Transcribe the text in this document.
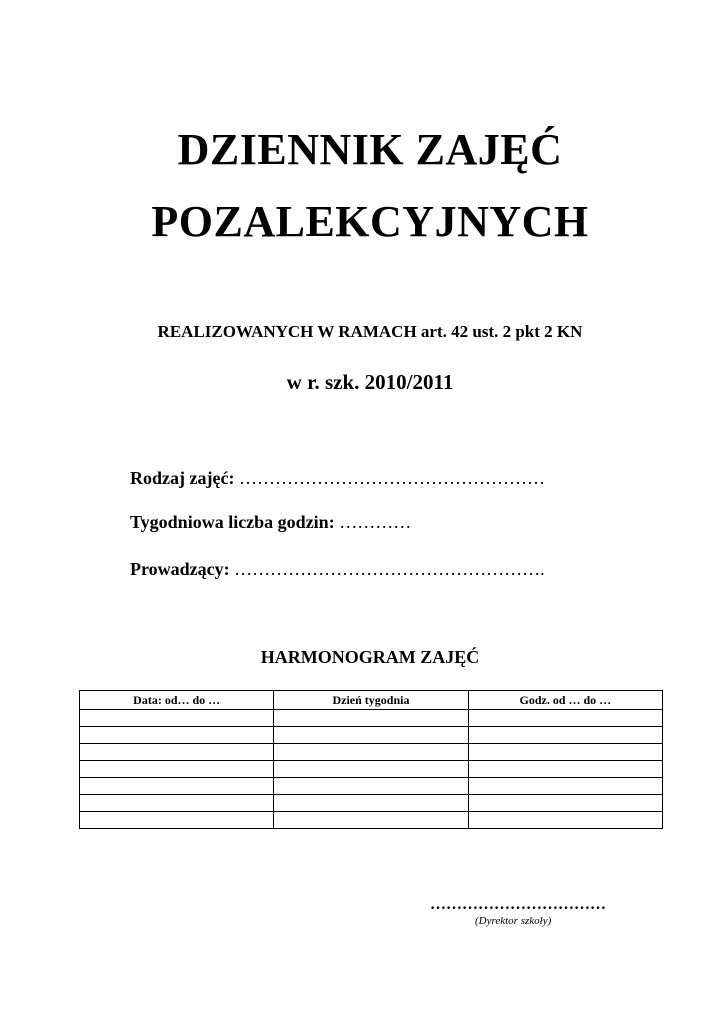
DZIENNIK ZAJĘĆ
POZALEKCYJNYCH
REALIZOWANYCH W RAMACH art. 42 ust. 2 pkt 2 KN
w r. szk. 2010/2011
Rodzaj zajęć: ……………………………………………
Tygodniowa liczba godzin: …………
Prowadzący: …………………………………………….
HARMONOGRAM ZAJĘĆ
Data: od… do …	Dzień tygodnia	Godz. od … do …

……………………………
(Dyrektor szkoły)
